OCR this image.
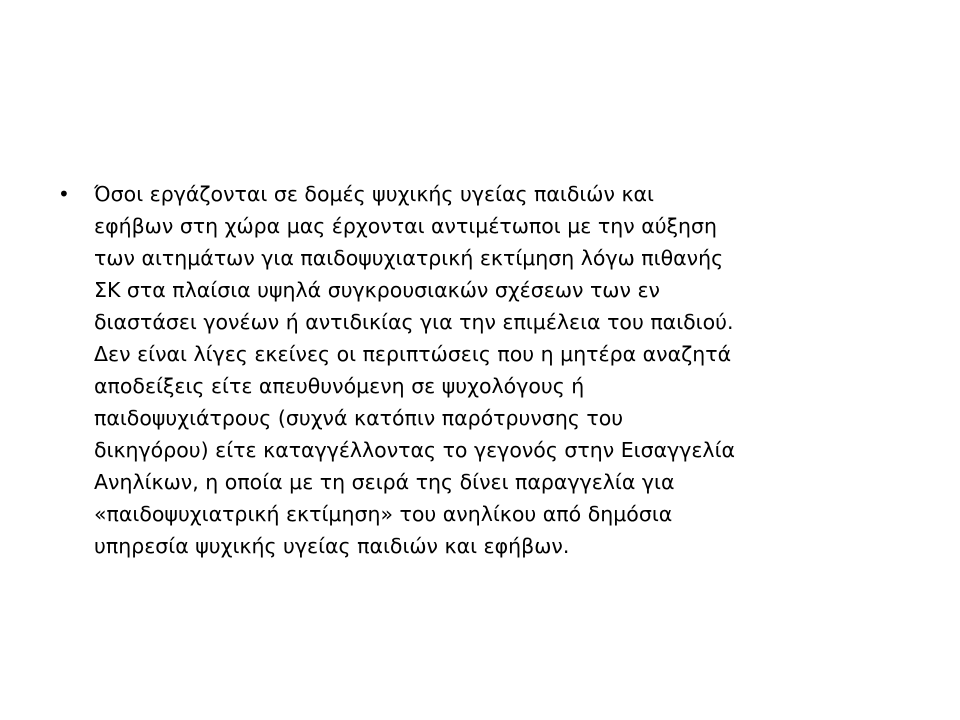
•	Όσοι εργάζονται σε δομές ψυχικής υγείας παιδιών και
εφήβων στη χώρα μας έρχονται αντιμέτωποι με την αύξηση
των αιτημάτων για παιδοψυχιατρική εκτίμηση λόγω πιθανής
ΣΚ στα πλαίσια υψηλά συγκρουσιακών σχέσεων των εν
διαστάσει γονέων ή αντιδικίας για την επιμέλεια του παιδιού.
Δεν είναι λίγες εκείνες οι περιπτώσεις που η μητέρα αναζητά
αποδείξεις είτε απευθυνόμενη σε ψυχολόγους ή
παιδοψυχιάτρους (συχνά κατόπιν παρότρυνσης του
δικηγόρου) είτε καταγγέλλοντας το γεγονός στην Εισαγγελία
Ανηλίκων, η οποία με τη σειρά της δίνει παραγγελία για
«παιδοψυχιατρική εκτίμηση» του ανηλίκου από δημόσια
υπηρεσία ψυχικής υγείας παιδιών και εφήβων.
